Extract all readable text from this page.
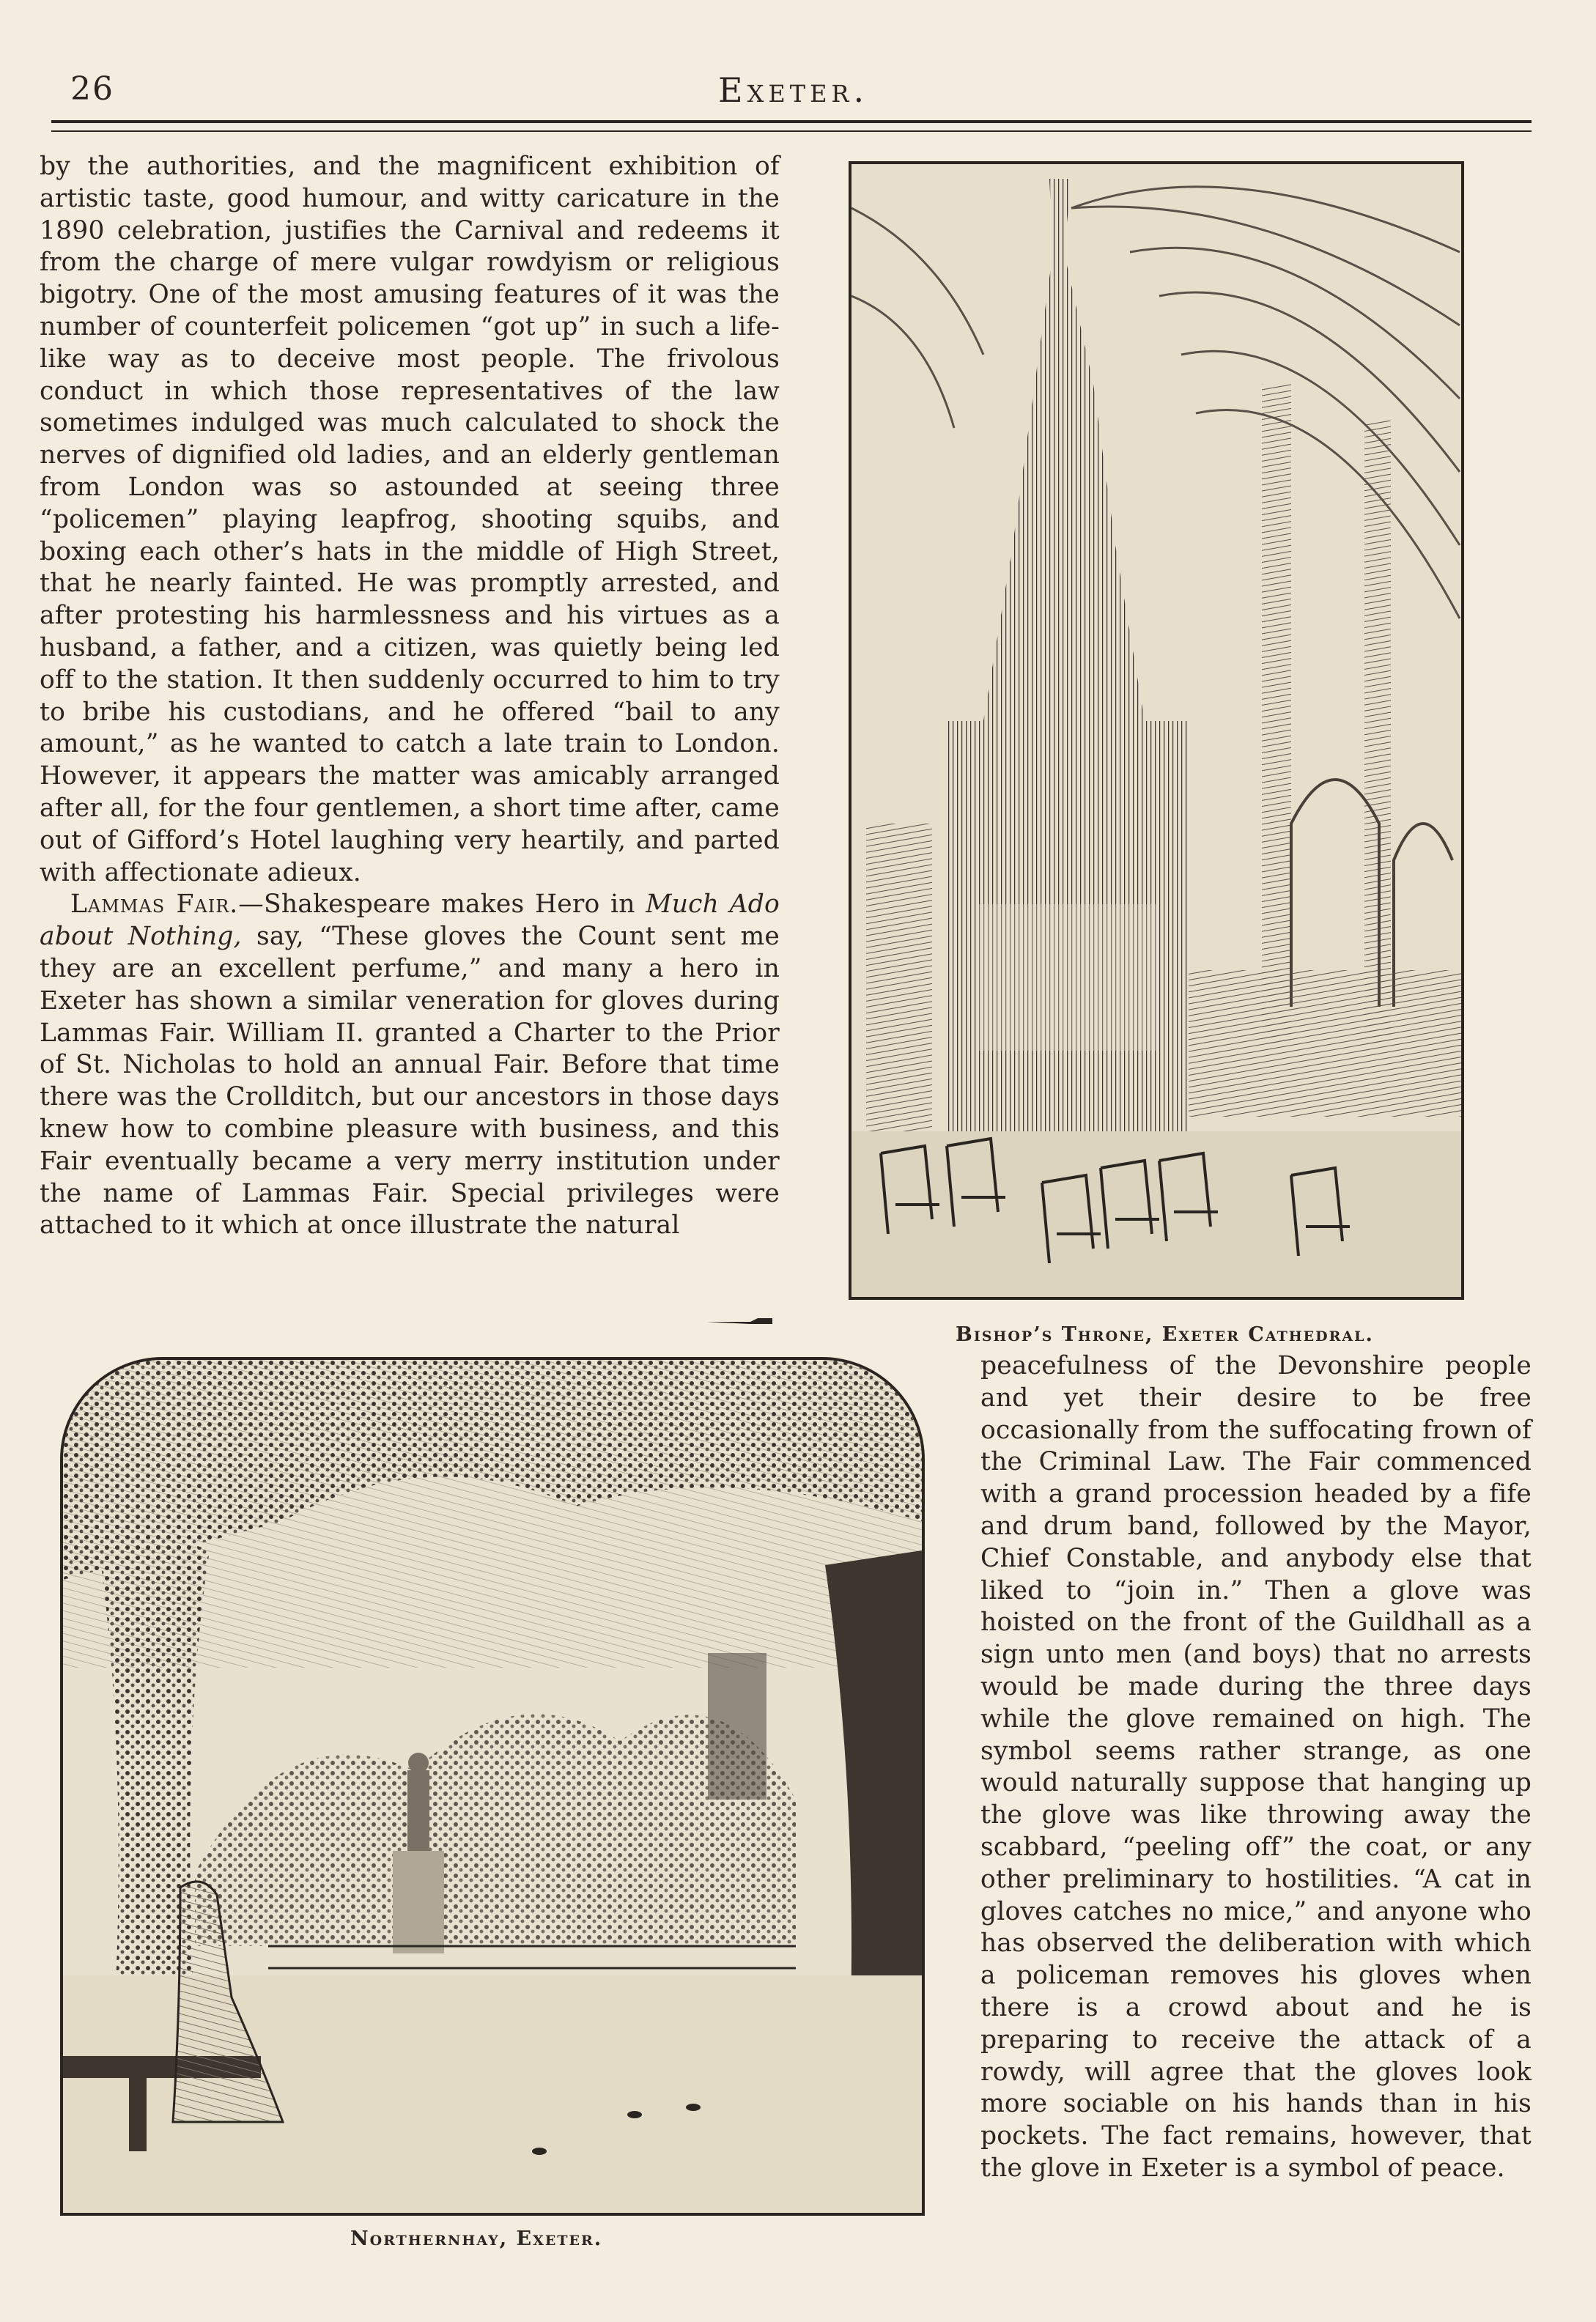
26	Exeter.

by the authorities, and the magnificent exhibition of artistic taste, good humour, and witty caricature in the 1890 celebration, justifies the Carnival and redeems it from the charge of mere vulgar rowdyism or religious bigotry. One of the most amusing features of it was the number of counterfeit policemen “got up” in such a life-like way as to deceive most people. The frivolous conduct in which those representatives of the law sometimes indulged was much calculated to shock the nerves of dignified old ladies, and an elderly gentleman from London was so astounded at seeing three “policemen” playing leapfrog, shooting squibs, and boxing each other’s hats in the middle of High Street, that he nearly fainted. He was promptly arrested, and after protesting his harmlessness and his virtues as a husband, a father, and a citizen, was quietly being led off to the station. It then suddenly occurred to him to try to bribe his custodians, and he offered “bail to any amount,” as he wanted to catch a late train to London. However, it appears the matter was amicably arranged after all, for the four gentlemen, a short time after, came out of Gifford’s Hotel laughing very heartily, and parted with affectionate adieux.

Lammas Fair.—Shakespeare makes Hero in Much Ado about Nothing, say, “These gloves the Count sent me they are an excellent perfume,” and many a hero in Exeter has shown a similar veneration for gloves during Lammas Fair. William II. granted a Charter to the Prior of St. Nicholas to hold an annual Fair. Before that time there was the Crollditch, but our ancestors in those days knew how to combine pleasure with business, and this Fair eventually became a very merry institution under the name of Lammas Fair. Special privileges were attached to it which at once illustrate the natural

Bishop’s Throne, Exeter Cathedral.
Northernhay, Exeter.

peacefulness of the Devonshire people and yet their desire to be free occasionally from the suffocating frown of the Criminal Law. The Fair commenced with a grand procession headed by a fife and drum band, followed by the Mayor, Chief Constable, and anybody else that liked to “join in.” Then a glove was hoisted on the front of the Guildhall as a sign unto men (and boys) that no arrests would be made during the three days while the glove remained on high. The symbol seems rather strange, as one would naturally suppose that hanging up the glove was like throwing away the scabbard, “peeling off” the coat, or any other preliminary to hostilities. “A cat in gloves catches no mice,” and anyone who has observed the deliberation with which a policeman removes his gloves when there is a crowd about and he is preparing to receive the attack of a rowdy, will agree that the gloves look more sociable on his hands than in his pockets. The fact remains, however, that the glove in Exeter is a symbol of peace.
